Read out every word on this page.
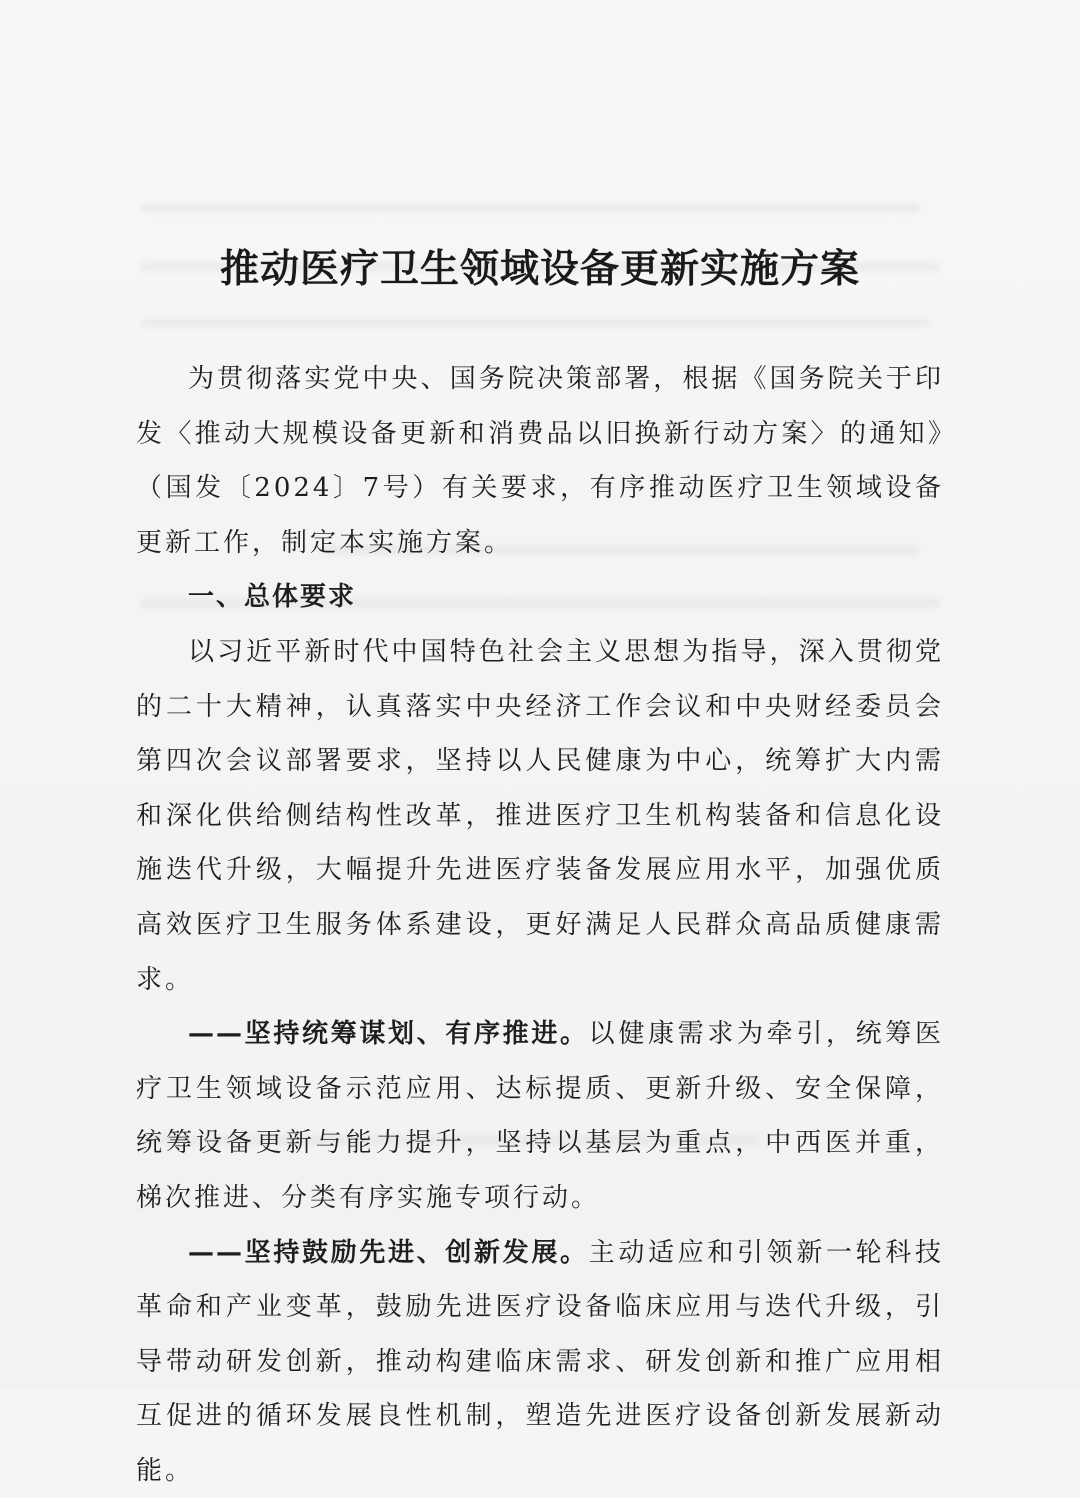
推动医疗卫生领域设备更新实施方案

为贯彻落实党中央、国务院决策部署，根据《国务院关于印发〈推动大规模设备更新和消费品以旧换新行动方案〉的通知》（国发〔2024〕7号）有关要求，有序推动医疗卫生领域设备更新工作，制定本实施方案。

一、总体要求

以习近平新时代中国特色社会主义思想为指导，深入贯彻党的二十大精神，认真落实中央经济工作会议和中央财经委员会第四次会议部署要求，坚持以人民健康为中心，统筹扩大内需和深化供给侧结构性改革，推进医疗卫生机构装备和信息化设施迭代升级，大幅提升先进医疗装备发展应用水平，加强优质高效医疗卫生服务体系建设，更好满足人民群众高品质健康需求。

——坚持统筹谋划、有序推进。以健康需求为牵引，统筹医疗卫生领域设备示范应用、达标提质、更新升级、安全保障，统筹设备更新与能力提升，坚持以基层为重点，中西医并重，梯次推进、分类有序实施专项行动。

——坚持鼓励先进、创新发展。主动适应和引领新一轮科技革命和产业变革，鼓励先进医疗设备临床应用与迭代升级，引导带动研发创新，推动构建临床需求、研发创新和推广应用相互促进的循环发展良性机制，塑造先进医疗设备创新发展新动能。
